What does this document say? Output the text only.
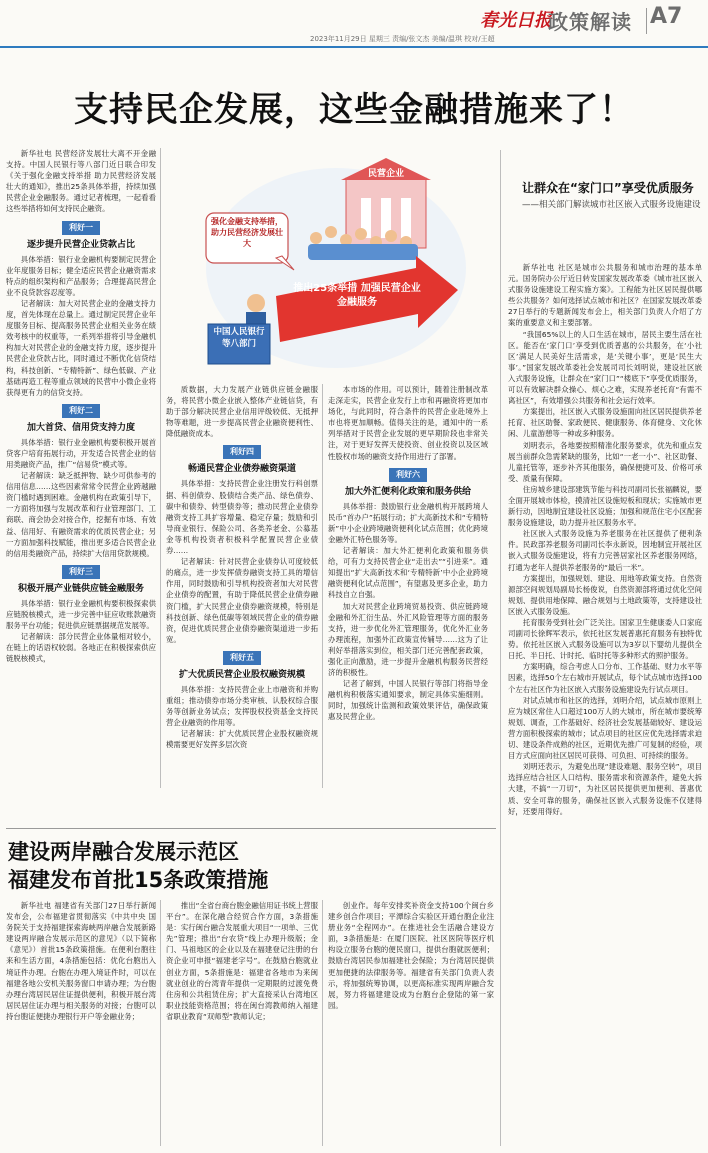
春光日报
政策解读 A7
2023年11月29日 星期三 责编/张文杰 美编/温琪 校对/王超
支持民企发展，这些金融措施来了！
民营企业
强化金融支持举措，助力民营经济发展壮大
推出25条举措 加强民营企业金融服务
中国人民银行等八部门

新华社电 民营经济发展壮大离不开金融支持。中国人民银行等八部门近日联合印发《关于强化金融支持举措 助力民营经济发展壮大的通知》，推出25条具体举措，持续加强民营企业金融服务。通过记者梳理，一起看看这些举措将如何支持民企融资。

利好一
逐步提升民营企业贷款占比

具体举措：银行业金融机构要制定民营企业年度服务目标；健全适应民营企业融资需求特点的组织架构和产品服务；合理提高民营企业不良贷款容忍度等。

记者解读：加大对民营企业的金融支持力度，首先体现在总量上。通过制定民营企业年度服务目标、提高服务民营企业相关业务在绩效考核中的权重等，一系列举措将引导金融机构加大对民营企业的金融支持力度，逐步提升民营企业贷款占比，同时通过不断优化信贷结构，科技创新、“专精特新”、绿色低碳、产业基础再造工程等重点领域的民营中小微企业将获得更有力的信贷支持。

利好二
加大首贷、信用贷支持力度

具体举措：银行业金融机构要积极开展首贷客户培育拓展行动，开发适合民营企业的信用类融资产品，推广“信易贷”模式等。

记者解读：缺乏抵押物、缺少可供参考的信用信息……这些因素常常令民营企业跨越融资门槛时遇到困难。金融机构在政策引导下，一方面将加强与发展改革和行业管理部门、工商联、商会协会对接合作，挖掘有市场、有效益、信用好、有融资需求的优质民营企业；另一方面加强科技赋能，推出更多适合民营企业的信用类融资产品，持续扩大信用贷款规模。

利好三
积极开展产业链供应链金融服务

具体举措：银行业金融机构要积极探索供应链脱核模式，进一步完善中征应收账款融资服务平台功能；促进供应链票据规范发展等。

记者解读：部分民营企业体量相对较小，在链上的话语权较弱。各地正在积极探索供应链脱核模式，

质数据，大力发展产业链供应链金融服务，将民营小微企业嵌入整体产业链信贷，有助于部分解决民营企业信用评级较低、无抵押物等难题，进一步提高民营企业融资便利性、降低融资成本。

利好四
畅通民营企业债券融资渠道

具体举措：支持民营企业注册发行科创票据、科创债券、股债结合类产品、绿色债券、碳中和债券、转型债券等；推动民营企业债券融资支持工具扩容增量、稳定存量；鼓励和引导商业银行、保险公司、各类养老金、公募基金等机构投资者积极科学配置民营企业债券……

记者解读：针对民营企业债券认可度较低的痛点，进一步发挥债券融资支持工具的增信作用，同时鼓励和引导机构投资者加大对民营企业债券的配置，有助于降低民营企业债券融资门槛，扩大民营企业债券融资规模，特别是科技创新、绿色低碳等领域民营企业的债券融资，促进优质民营企业债券融资渠道进一步拓宽。

利好五
扩大优质民营企业股权融资规模

具体举措：支持民营企业上市融资和并购重组；推动债券市场分类审核、认股权综合服务等创新业务试点；发挥股权投资基金支持民营企业融资的作用等。

记者解读：扩大优质民营企业股权融资规模需要更好发挥多层次资

本市场的作用。可以预计，随着注册制改革走深走实，民营企业发行上市和再融资将更加市场化，与此同时，符合条件的民营企业赴境外上市也将更加顺畅。值得关注的是，通知中的一系列举措对于民营企业发展的更早期阶段也非常关注，对于更好发挥天使投资、创业投资以及区域性股权市场的融资支持作用进行了部署。

利好六
加大外汇便利化政策和服务供给

具体举措：鼓励银行业金融机构开展跨境人民币“首办户”拓展行动；扩大高新技术和“专精特新”中小企业跨境融资便利化试点范围；优化跨境金融外汇特色服务等。

记者解读：加大外汇便利化政策和服务供给，可有力支持民营企业“走出去”“引进来”。通知提出“扩大高新技术和‘专精特新’中小企业跨境融资便利化试点范围”，有望惠及更多企业，助力科技自立自强。

加大对民营企业跨境贸易投资、供应链跨境金融和外汇衍生品、外汇风险管理等方面的服务支持，进一步优化外汇管理服务，优化外汇业务办理流程，加强外汇政策宣传辅导……这为了让利好举措落实到位，相关部门还完善配套政策，强化正向激励，进一步提升金融机构服务民营经济的积极性。

记者了解到，中国人民银行等部门将指导金融机构积极落实通知要求，制定具体实施细则。同时，加强统计监测和政策效果评估，确保政策惠及民营企业。

让群众在“家门口”享受优质服务
——相关部门解读城市社区嵌入式服务设施建设

新华社电 社区是城市公共服务和城市治理的基本单元。国务院办公厅近日转发国家发展改革委《城市社区嵌入式服务设施建设工程实施方案》。工程能为社区居民提供哪些公共服务？如何选择试点城市和社区？在国家发展改革委27日举行的专题新闻发布会上，相关部门负责人介绍了方案的重要意义和主要部署。

“我国65%以上的人口生活在城市，居民主要生活在社区。能否在‘家门口’享受到优质普惠的公共服务，在‘小社区’满足人民美好生活需求，是‘关键小事’，更是‘民生大事’。”国家发展改革委社会发展司司长刘明说，建设社区嵌入式服务设施，让群众在“家门口”“楼底下”享受优质服务，可以有效解决群众操心、烦心之难，实现养老托育“有需不离社区”，有效增强公共服务和社会运行效率。

方案提出，社区嵌入式服务设施面向社区居民提供养老托育、社区助餐、家政便民、健康服务、体育健身、文化休闲、儿童游憩等一种或多种服务。

刘明表示，各地要按照精准化服务要求，优先和重点发展当前群众急需紧缺的服务，比如“一老一小”、社区助餐、儿童托管等，逐步补齐其他服务，确保便捷可及、价格可承受、质量有保障。

住房城乡建设部建筑节能与科技司副司长张福麟说，要全面开展城市体检，摸清社区设施短板和现状；实施城市更新行动，因地制宜建设社区设施；加强和规范住宅小区配套服务设施建设，助力提升社区服务水平。

社区嵌入式服务设施为养老服务在社区提供了便利条件。民政部养老服务司副司长李永新说，因地制宜开展社区嵌入式服务设施建设，将有力完善居家社区养老服务网络，打通为老年人提供养老服务的“最后一米”。

方案提出，加强规划、建设、用地等政策支持。自然资源部空间规划局副局长杨俊说，自然资源部将通过优化空间规划、提供用地保障、融合规划与土地政策等，支持建设社区嵌入式服务设施。

托育服务受到社会广泛关注。国家卫生健康委人口家庭司副司长徐辉军表示，依托社区发展普惠托育服务有独特优势。依托社区嵌入式服务设施可以为3岁以下婴幼儿提供全日托、半日托、计时托、临时托等多种形式的照护服务。

方案明确，综合考虑人口分布、工作基础、财力水平等因素，选择50个左右城市开展试点，每个试点城市选择100个左右社区作为社区嵌入式服务设施建设先行试点项目。

对试点城市和社区的选择，刘明介绍，试点城市原则上应为城区常住人口超过100万人的大城市，所在城市要统筹规划、调查，工作基础好、经济社会发展基础较好、建设运营方面积极探索的城市；试点项目的社区应优先选择需求迫切、建设条件成熟的社区，近期优先推广可复制的经验，项目方式应面向社区居民可获得、可负担、可持续的服务。

刘明还表示，为避免出现“建设难题、服务空转”，项目选择应结合社区人口结构、服务需求和资源条件，避免大拆大建，不搞“一刀切”，为社区居民提供更加便利、普惠优质、安全可靠的服务，确保社区嵌入式服务设施不仅建得好，还要用得好。

建设两岸融合发展示范区
福建发布首批15条政策措施

新华社电 福建省有关部门27日举行新闻发布会，公布福建省贯彻落实《中共中央 国务院关于支持福建探索海峡两岸融合发展新路 建设两岸融合发展示范区的意见》（以下简称《意见》）首批15条政策措施。在便利台胞往来和生活方面，4条措施包括：优化台胞出入境证件办理。台胞在办理入境证件时，可以在福建各地公安机关服务窗口申请办理；为台胞办理台湾居民居住证提供便利，积极开展台湾居民居住证办理与相关服务的对接；台胞可以持台胞证便捷办理银行开户等金融业务；

推出“全省台商台胞金融信用证书统上营服平台”。在深化融合经贸合作方面，3条措施是：实行闽台融合发展重大项目“一项单、三优先”管理；推出“台农贷”线上办理升级版；金门、马祖地区的企业以及在福建登记注册的台资企业可申报“福建老字号”。在鼓励台胞就业创业方面，5条措施是：福建省各地市为来闽就业创业的台湾青年提供一定期限的过渡免费住房和公共租赁住房；扩大直接采认台湾地区职业技能资格范围；将在闽台湾教师纳入福建省职业教育“双师型”教师认定；

创业作。每年安排奖补资金支持100个闽台乡建乡创合作项目；平潭综合实验区开通台胞企业注册业务“全程网办”。在推进社会生活融合建设方面，3条措施是：在厦门医院、社区医院等医疗机构设立服务台胞的便民窗口，提供台胞就医便利；鼓励台湾居民参加福建社会保险；为台湾居民提供更加便捷的法律服务等。福建省有关部门负责人表示，将加强统筹协调，以更高标准实现两岸融合发展，努力将福建建设成为台胞台企登陆的第一家园。
